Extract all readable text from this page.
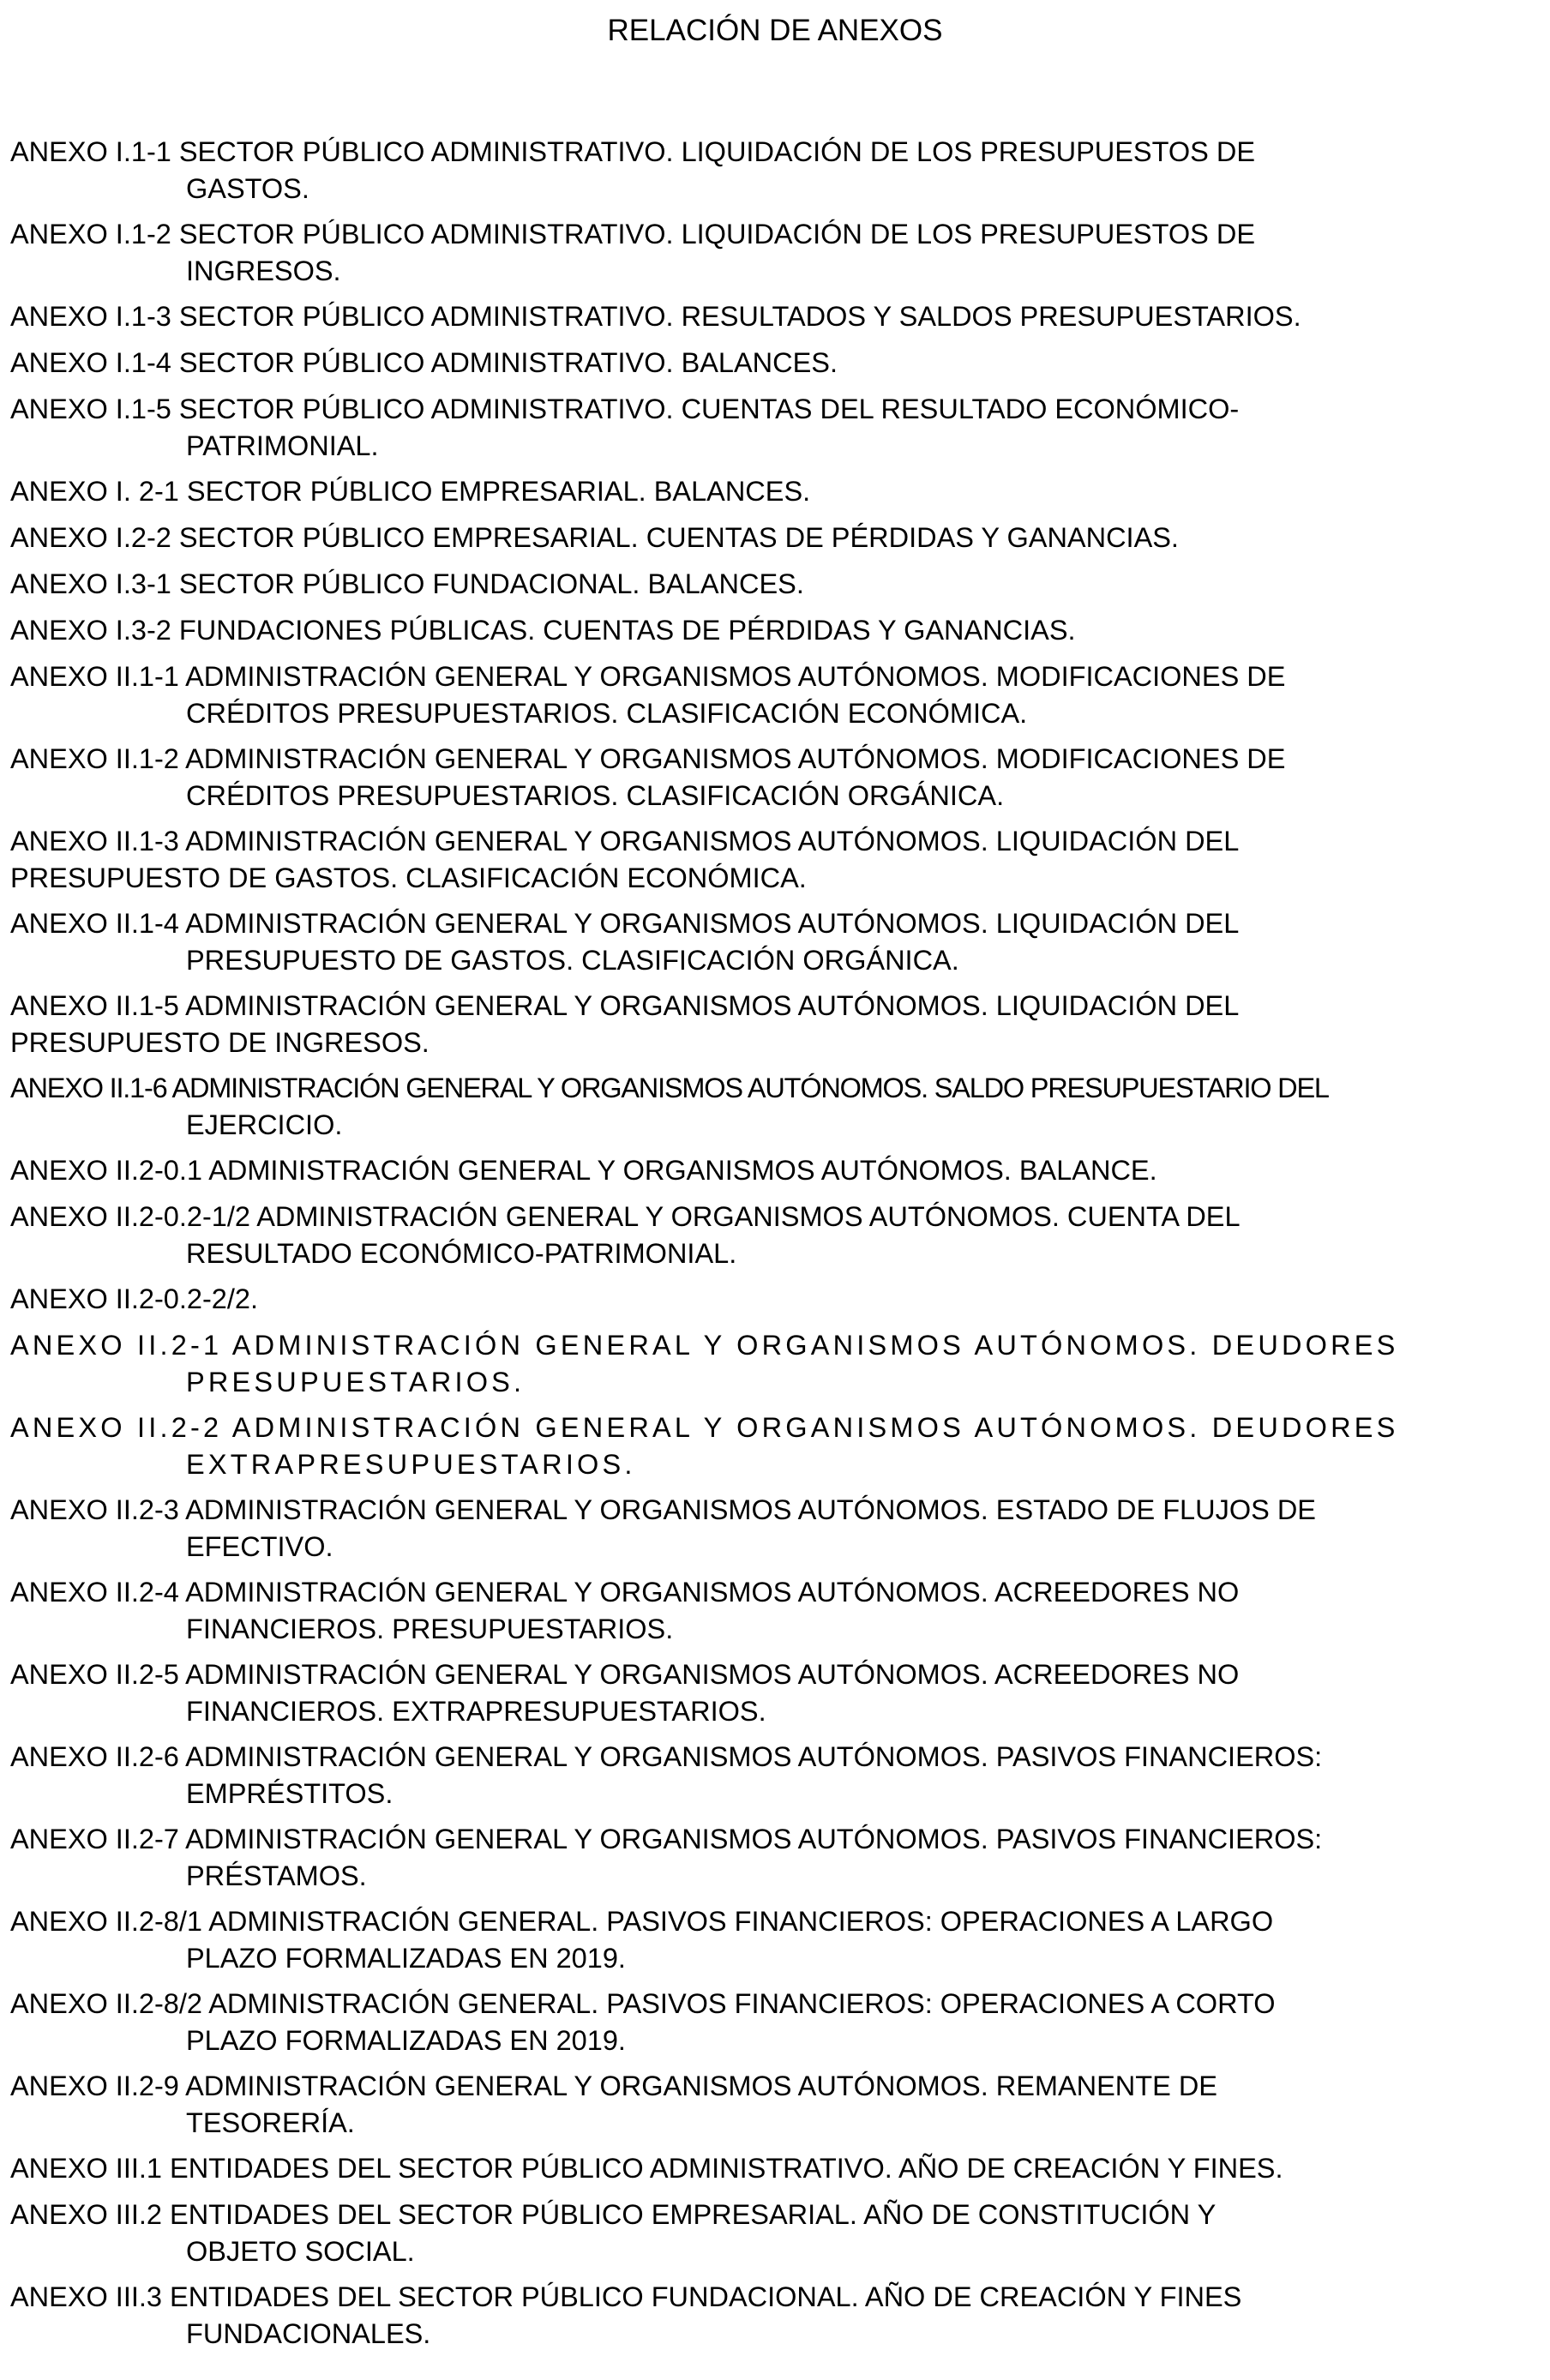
RELACIÓN DE ANEXOS
ANEXO I.1-1 SECTOR PÚBLICO ADMINISTRATIVO. LIQUIDACIÓN DE LOS PRESUPUESTOS DE
GASTOS.
ANEXO I.1-2 SECTOR PÚBLICO ADMINISTRATIVO. LIQUIDACIÓN DE LOS PRESUPUESTOS DE
INGRESOS.
ANEXO I.1-3 SECTOR PÚBLICO ADMINISTRATIVO. RESULTADOS Y SALDOS PRESUPUESTARIOS.
ANEXO I.1-4 SECTOR PÚBLICO ADMINISTRATIVO. BALANCES.
ANEXO I.1-5 SECTOR PÚBLICO ADMINISTRATIVO. CUENTAS DEL RESULTADO ECONÓMICO-
PATRIMONIAL.
ANEXO I. 2-1 SECTOR PÚBLICO EMPRESARIAL. BALANCES.
ANEXO I.2-2 SECTOR PÚBLICO EMPRESARIAL. CUENTAS DE PÉRDIDAS Y GANANCIAS.
ANEXO I.3-1 SECTOR PÚBLICO FUNDACIONAL. BALANCES.
ANEXO I.3-2 FUNDACIONES PÚBLICAS. CUENTAS DE PÉRDIDAS Y GANANCIAS.
ANEXO II.1-1 ADMINISTRACIÓN GENERAL Y ORGANISMOS AUTÓNOMOS. MODIFICACIONES DE
CRÉDITOS PRESUPUESTARIOS. CLASIFICACIÓN ECONÓMICA.
ANEXO II.1-2 ADMINISTRACIÓN GENERAL Y ORGANISMOS AUTÓNOMOS. MODIFICACIONES DE
CRÉDITOS PRESUPUESTARIOS. CLASIFICACIÓN ORGÁNICA.
ANEXO II.1-3 ADMINISTRACIÓN GENERAL Y ORGANISMOS AUTÓNOMOS. LIQUIDACIÓN DEL
PRESUPUESTO DE GASTOS. CLASIFICACIÓN ECONÓMICA.
ANEXO II.1-4 ADMINISTRACIÓN GENERAL Y ORGANISMOS AUTÓNOMOS. LIQUIDACIÓN DEL
PRESUPUESTO DE GASTOS. CLASIFICACIÓN ORGÁNICA.
ANEXO II.1-5 ADMINISTRACIÓN GENERAL Y ORGANISMOS AUTÓNOMOS. LIQUIDACIÓN DEL
PRESUPUESTO DE INGRESOS.
ANEXO II.1-6 ADMINISTRACIÓN GENERAL Y ORGANISMOS AUTÓNOMOS. SALDO PRESUPUESTARIO DEL
EJERCICIO.
ANEXO II.2-0.1 ADMINISTRACIÓN GENERAL Y ORGANISMOS AUTÓNOMOS. BALANCE.
ANEXO II.2-0.2-1/2 ADMINISTRACIÓN GENERAL Y ORGANISMOS AUTÓNOMOS. CUENTA DEL
RESULTADO ECONÓMICO-PATRIMONIAL.
ANEXO II.2-0.2-2/2.
ANEXO II.2-1 ADMINISTRACIÓN GENERAL Y ORGANISMOS AUTÓNOMOS. DEUDORES
PRESUPUESTARIOS.
ANEXO II.2-2 ADMINISTRACIÓN GENERAL Y ORGANISMOS AUTÓNOMOS. DEUDORES
EXTRAPRESUPUESTARIOS.
ANEXO II.2-3 ADMINISTRACIÓN GENERAL Y ORGANISMOS AUTÓNOMOS. ESTADO DE FLUJOS DE
EFECTIVO.
ANEXO II.2-4 ADMINISTRACIÓN GENERAL Y ORGANISMOS AUTÓNOMOS. ACREEDORES NO
FINANCIEROS. PRESUPUESTARIOS.
ANEXO II.2-5 ADMINISTRACIÓN GENERAL Y ORGANISMOS AUTÓNOMOS. ACREEDORES NO
FINANCIEROS. EXTRAPRESUPUESTARIOS.
ANEXO II.2-6 ADMINISTRACIÓN GENERAL Y ORGANISMOS AUTÓNOMOS. PASIVOS FINANCIEROS:
EMPRÉSTITOS.
ANEXO II.2-7 ADMINISTRACIÓN GENERAL Y ORGANISMOS AUTÓNOMOS. PASIVOS FINANCIEROS:
PRÉSTAMOS.
ANEXO II.2-8/1 ADMINISTRACIÓN GENERAL. PASIVOS FINANCIEROS: OPERACIONES A LARGO
PLAZO FORMALIZADAS EN 2019.
ANEXO II.2-8/2 ADMINISTRACIÓN GENERAL. PASIVOS FINANCIEROS: OPERACIONES A CORTO
PLAZO FORMALIZADAS EN 2019.
ANEXO II.2-9 ADMINISTRACIÓN GENERAL Y ORGANISMOS AUTÓNOMOS. REMANENTE DE
TESORERÍA.
ANEXO III.1 ENTIDADES DEL SECTOR PÚBLICO ADMINISTRATIVO. AÑO DE CREACIÓN Y FINES.
ANEXO III.2 ENTIDADES DEL SECTOR PÚBLICO EMPRESARIAL. AÑO DE CONSTITUCIÓN Y
OBJETO SOCIAL.
ANEXO III.3 ENTIDADES DEL SECTOR PÚBLICO FUNDACIONAL. AÑO DE CREACIÓN Y FINES
FUNDACIONALES.
